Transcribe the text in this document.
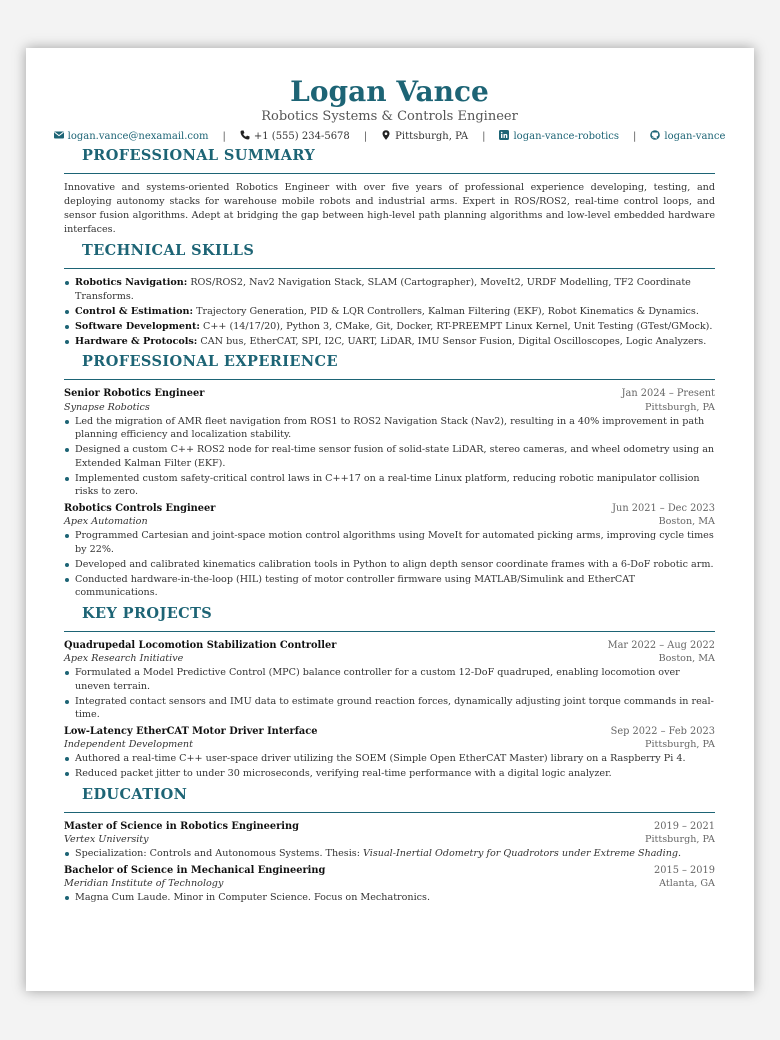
Logan Vance
Robotics Systems & Controls Engineer
logan.vance@nexamail.com |	+1 (555) 234-5678 |	Pittsburgh, PA |	logan-vance-robotics |	logan-vance
PROFESSIONAL SUMMARY
Innovative and systems-oriented Robotics Engineer with over five years of professional experience developing, testing, and deploying autonomy stacks for warehouse mobile robots and industrial arms. Expert in ROS/ROS2, real-time control loops, and sensor fusion algorithms. Adept at bridging the gap between high-level path planning algorithms and low-level embedded hardware interfaces.
TECHNICAL SKILLS
Robotics Navigation: ROS/ROS2, Nav2 Navigation Stack, SLAM (Cartographer), MoveIt2, URDF Modelling, TF2 Coordinate Transforms.
Control & Estimation: Trajectory Generation, PID & LQR Controllers, Kalman Filtering (EKF), Robot Kinematics & Dynamics.
Software Development: C++ (14/17/20), Python 3, CMake, Git, Docker, RT-PREEMPT Linux Kernel, Unit Testing (GTest/GMock).
Hardware & Protocols: CAN bus, EtherCAT, SPI, I2C, UART, LiDAR, IMU Sensor Fusion, Digital Oscilloscopes, Logic Analyzers.
PROFESSIONAL EXPERIENCE
Senior Robotics Engineer	Jan 2024 – Present
Synapse Robotics	Pittsburgh, PA
Led the migration of AMR fleet navigation from ROS1 to ROS2 Navigation Stack (Nav2), resulting in a 40% improvement in path planning efficiency and localization stability.
Designed a custom C++ ROS2 node for real-time sensor fusion of solid-state LiDAR, stereo cameras, and wheel odometry using an Extended Kalman Filter (EKF).
Implemented custom safety-critical control laws in C++17 on a real-time Linux platform, reducing robotic manipulator collision risks to zero.
Robotics Controls Engineer	Jun 2021 – Dec 2023
Apex Automation	Boston, MA
Programmed Cartesian and joint-space motion control algorithms using MoveIt for automated picking arms, improving cycle times by 22%.
Developed and calibrated kinematics calibration tools in Python to align depth sensor coordinate frames with a 6-DoF robotic arm.
Conducted hardware-in-the-loop (HIL) testing of motor controller firmware using MATLAB/Simulink and EtherCAT communications.
KEY PROJECTS
Quadrupedal Locomotion Stabilization Controller	Mar 2022 – Aug 2022
Apex Research Initiative	Boston, MA
Formulated a Model Predictive Control (MPC) balance controller for a custom 12-DoF quadruped, enabling locomotion over uneven terrain.
Integrated contact sensors and IMU data to estimate ground reaction forces, dynamically adjusting joint torque commands in real-time.
Low-Latency EtherCAT Motor Driver Interface	Sep 2022 – Feb 2023
Independent Development	Pittsburgh, PA
Authored a real-time C++ user-space driver utilizing the SOEM (Simple Open EtherCAT Master) library on a Raspberry Pi 4.
Reduced packet jitter to under 30 microseconds, verifying real-time performance with a digital logic analyzer.
EDUCATION
Master of Science in Robotics Engineering	2019 – 2021
Vertex University	Pittsburgh, PA
Specialization: Controls and Autonomous Systems. Thesis: Visual-Inertial Odometry for Quadrotors under Extreme Shading.
Bachelor of Science in Mechanical Engineering	2015 – 2019
Meridian Institute of Technology	Atlanta, GA
Magna Cum Laude. Minor in Computer Science. Focus on Mechatronics.
